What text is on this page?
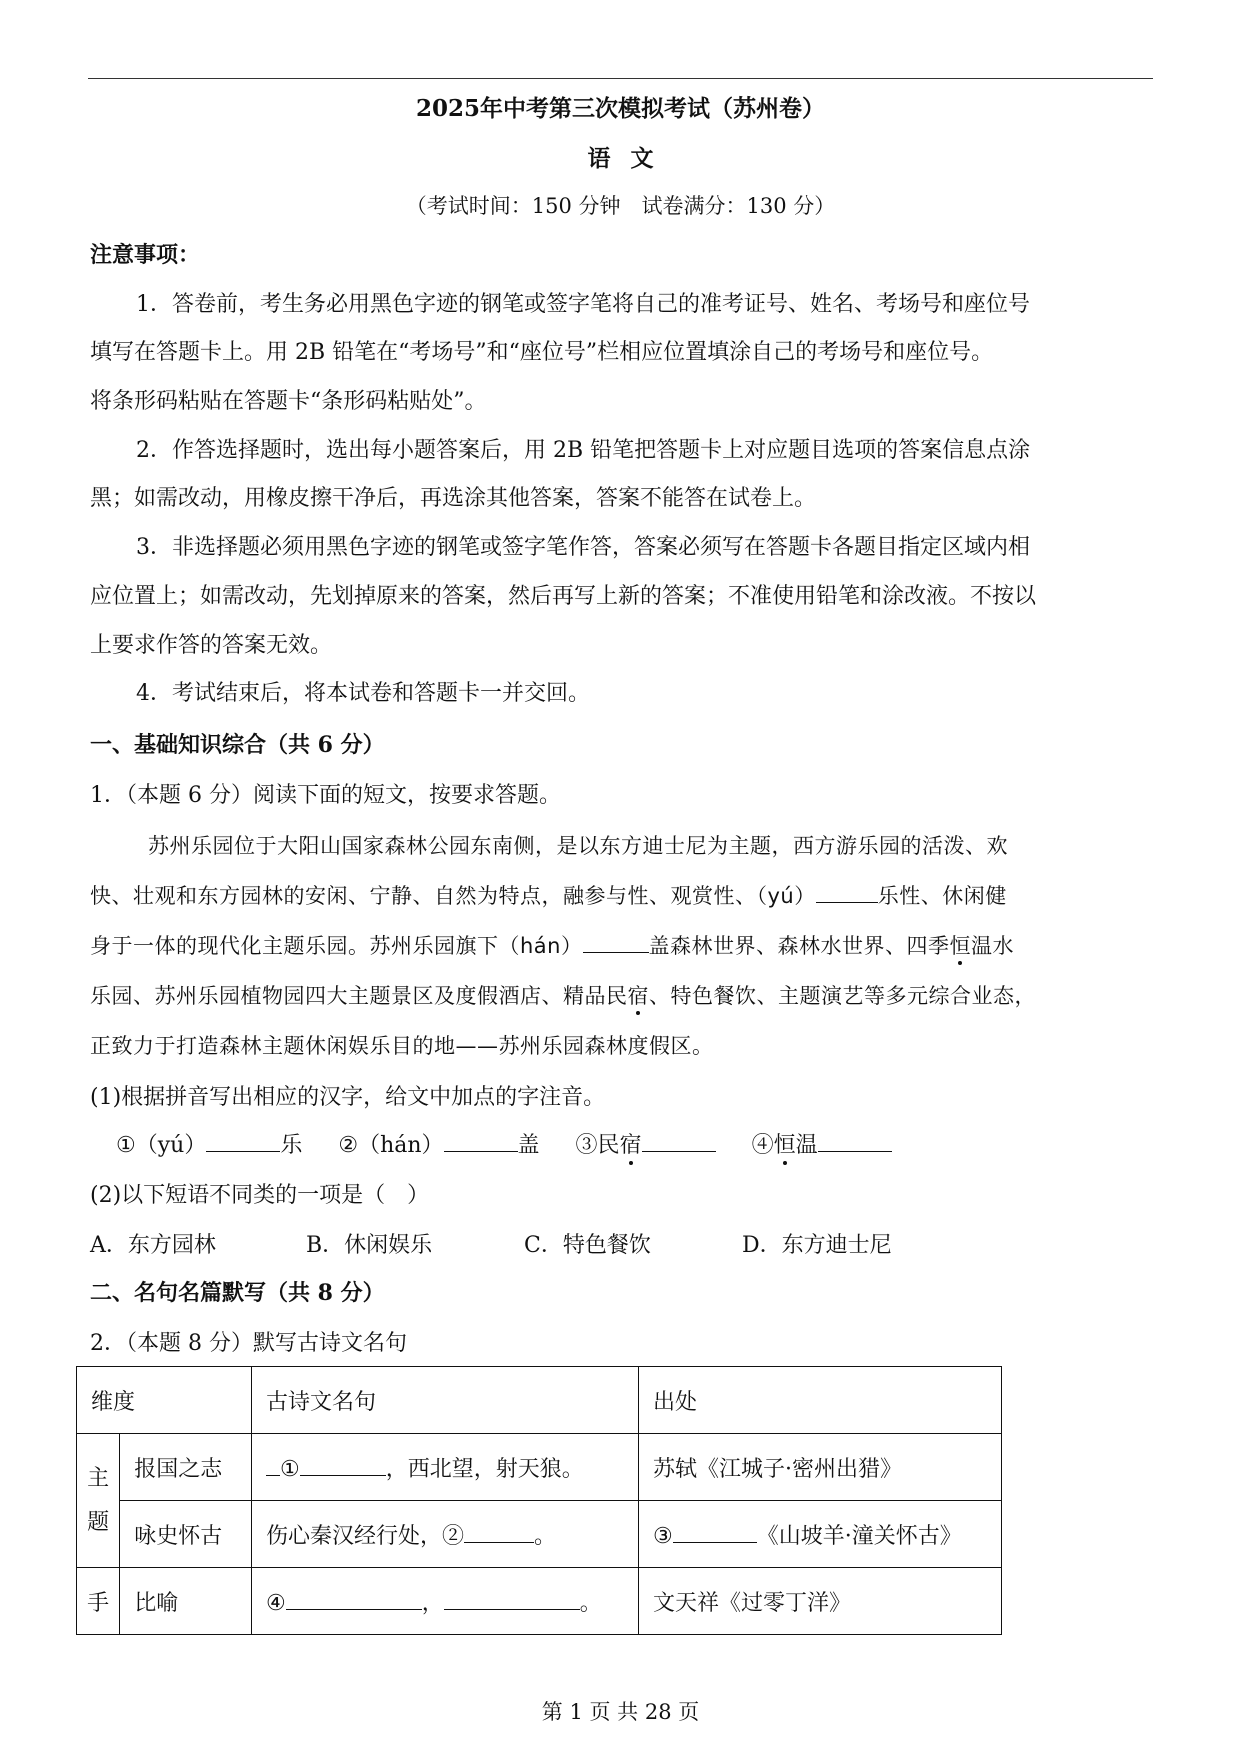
2025年中考第三次模拟考试（苏州卷）
语文
（考试时间：150 分钟　试卷满分：130 分）
注意事项：
1．答卷前，考生务必用黑色字迹的钢笔或签字笔将自己的准考证号、姓名、考场号和座位号
填写在答题卡上。用 2B 铅笔在“考场号”和“座位号”栏相应位置填涂自己的考场号和座位号。
将条形码粘贴在答题卡“条形码粘贴处”。
2．作答选择题时，选出每小题答案后，用 2B 铅笔把答题卡上对应题目选项的答案信息点涂
黑；如需改动，用橡皮擦干净后，再选涂其他答案，答案不能答在试卷上。
3．非选择题必须用黑色字迹的钢笔或签字笔作答，答案必须写在答题卡各题目指定区域内相
应位置上；如需改动，先划掉原来的答案，然后再写上新的答案；不准使用铅笔和涂改液。不按以
上要求作答的答案无效。
4．考试结束后，将本试卷和答题卡一并交回。
一、基础知识综合（共 6 分）
1．（本题 6 分）阅读下面的短文，按要求答题。
苏州乐园位于大阳山国家森林公园东南侧，是以东方迪士尼为主题，西方游乐园的活泼、欢
快、壮观和东方园林的安闲、宁静、自然为特点，融参与性、观赏性、（yú）	乐性、休闲健
身于一体的现代化主题乐园。苏州乐园旗下（hán）	盖森林世界、森林水世界、四季恒温水
乐园、苏州乐园植物园四大主题景区及度假酒店、精品民宿、特色餐饮、主题演艺等多元综合业态，
正致力于打造森林主题休闲娱乐目的地——苏州乐园森林度假区。
(1)根据拼音写出相应的汉字，给文中加点的字注音。
①（yú）	乐 ②（hán）	盖 ③民宿	④恒温
(2)以下短语不同类的一项是（　）
A．东方园林	B．休闲娱乐	C．特色餐饮	D．东方迪士尼
二、名句名篇默写（共 8 分）
2．（本题 8 分）默写古诗文名句
维度		古诗文名句	出处
主题	报国之志	① ，西北望，射天狼。	苏轼《江城子·密州出猎》
	咏史怀古	伤心秦汉经行处，② 。	③ 《山坡羊·潼关怀古》
手	比喻	④ ， 。	文天祥《过零丁洋》
第 1 页 共 28 页
